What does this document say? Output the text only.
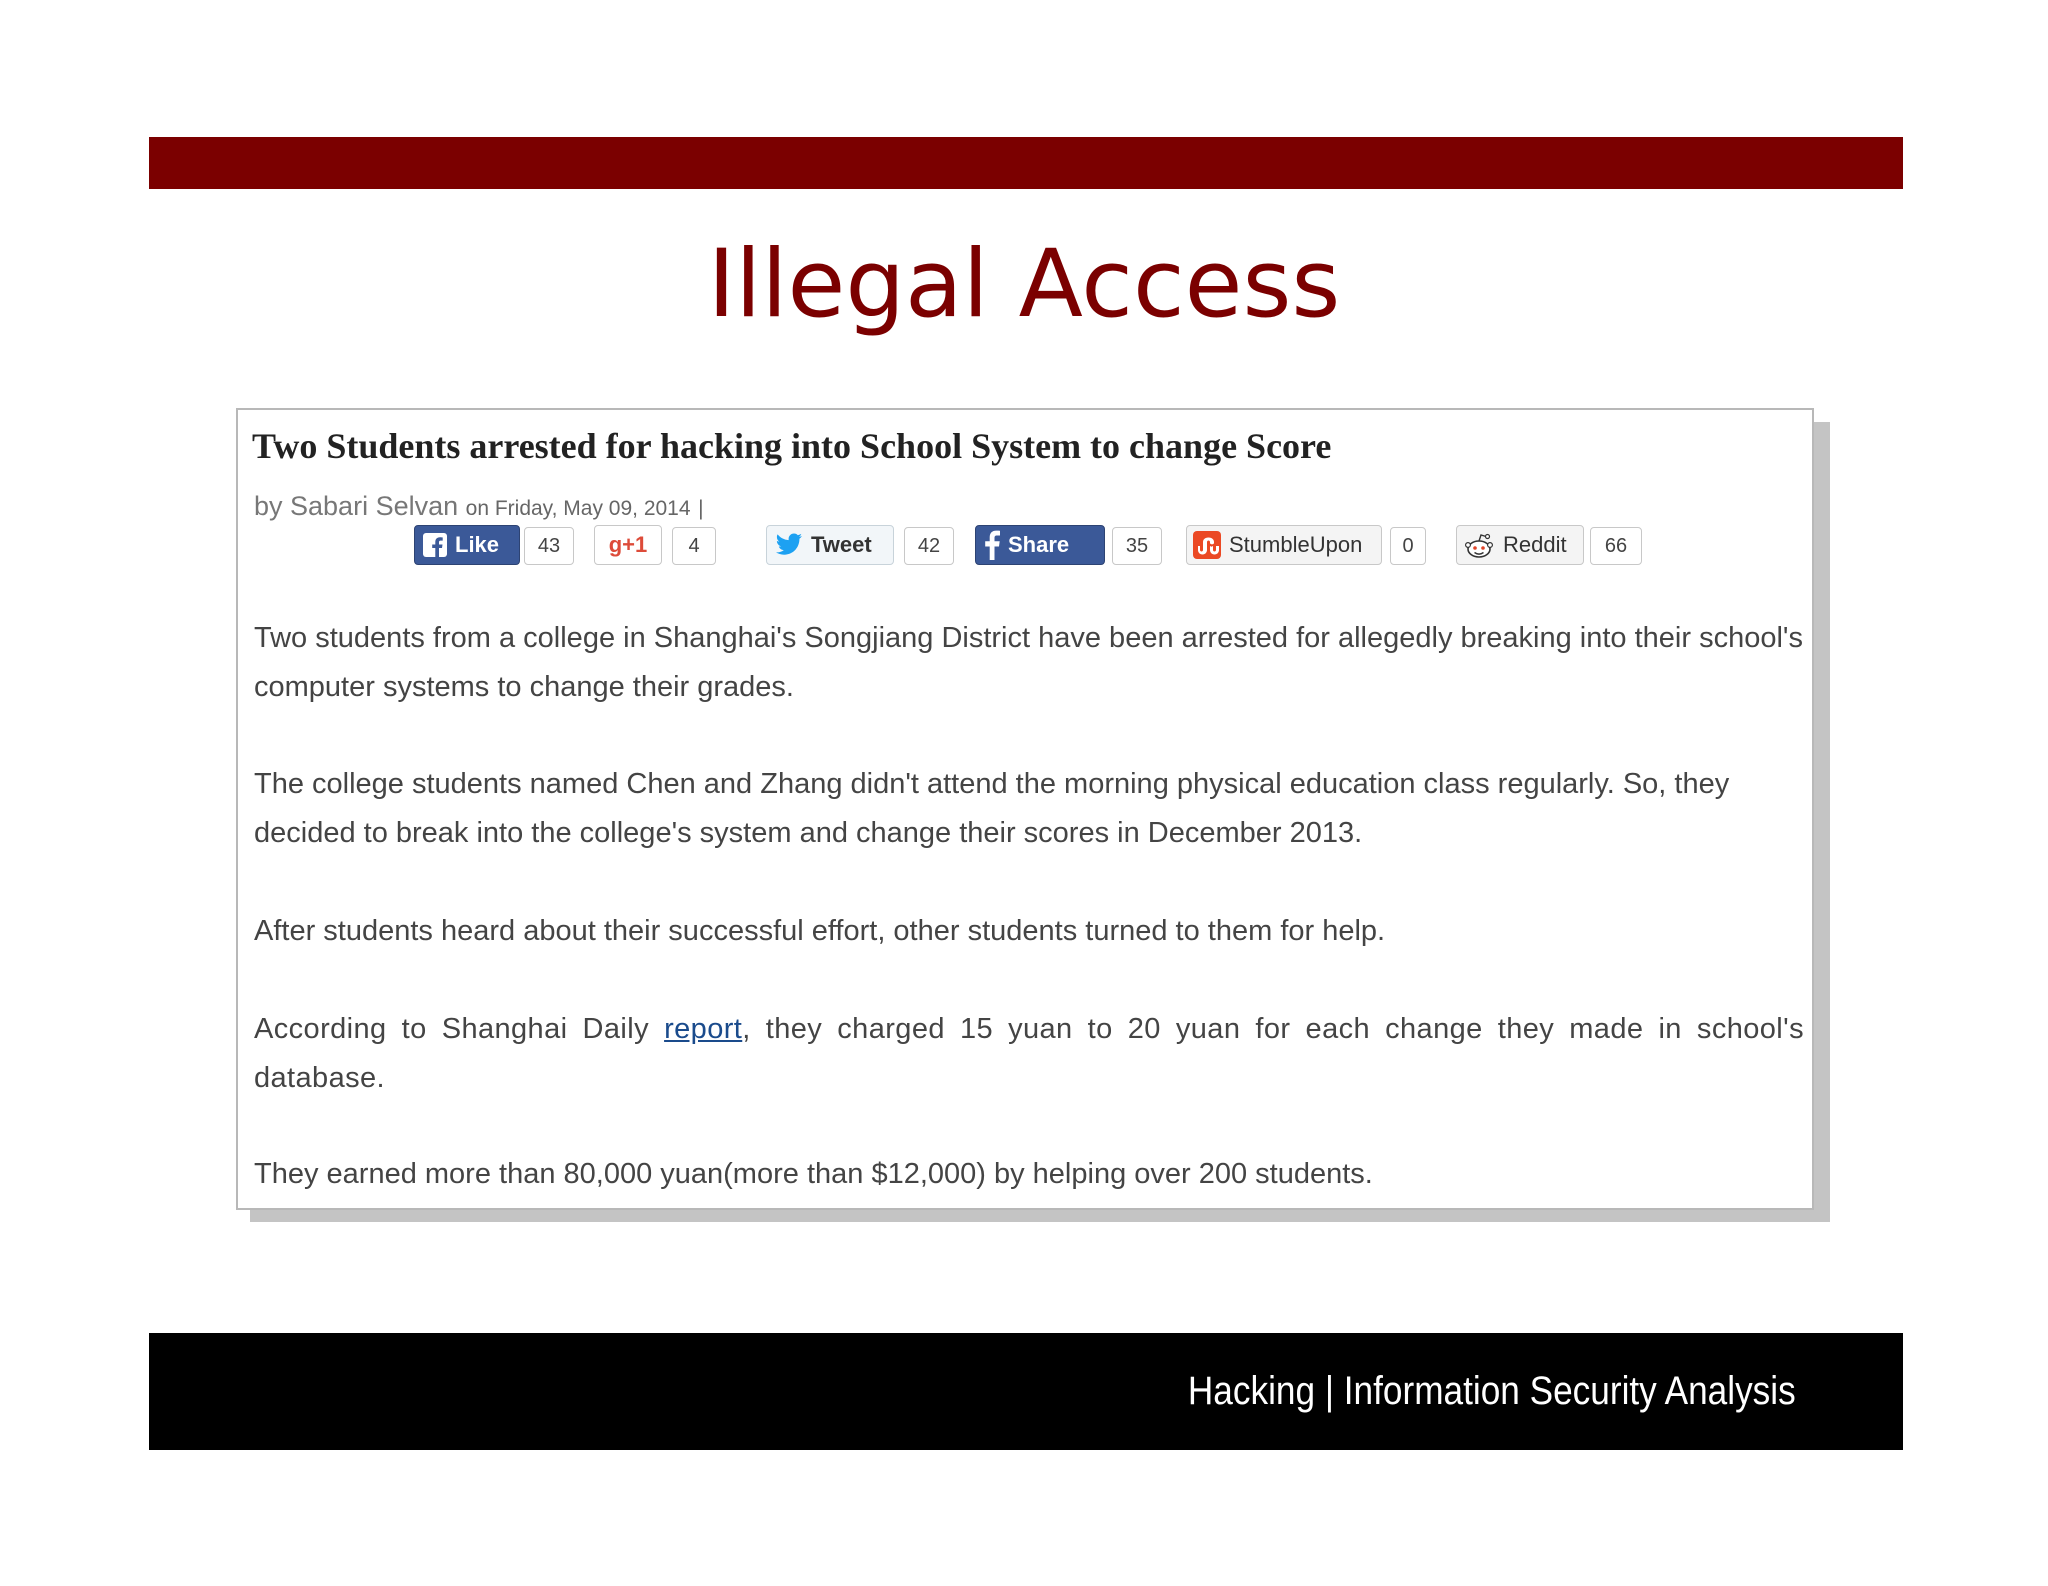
Illegal Access
Two Students arrested for hacking into School System to change Score
by Sabari Selvan on Friday, May 09, 2014 |
Like	43	g+1	4	Tweet	42	Share	35	StumbleUpon	0	Reddit	66
Two students from a college in Shanghai's Songjiang District have been arrested for allegedly breaking into their school's computer systems to change their grades.
The college students named Chen and Zhang didn't attend the morning physical education class regularly. So, they decided to break into the college's system and change their scores in December 2013.
After students heard about their successful effort, other students turned to them for help.
According to Shanghai Daily report, they charged 15 yuan to 20 yuan for each change they made in school's database.
They earned more than 80,000 yuan(more than $12,000) by helping over 200 students.
Hacking | Information Security Analysis
